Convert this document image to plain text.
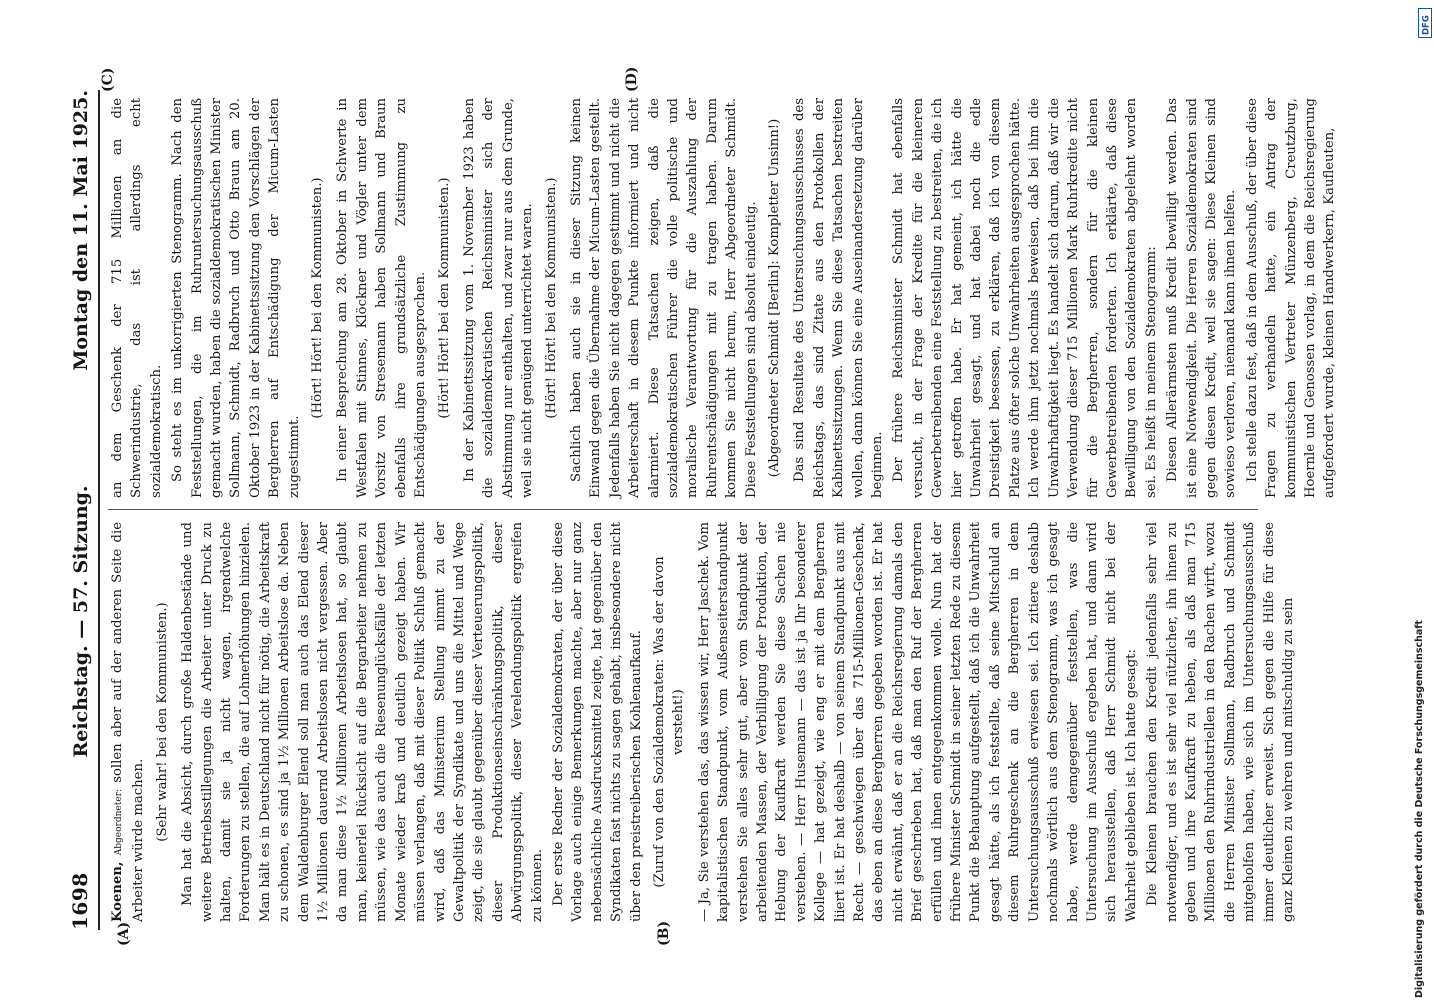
1698
Reichstag. — 57. Sitzung.
Montag den 11. Mai 1925.
(A)	(B)
(C)	(D)

Koenen, Abgeordneter: sollen aber auf der anderen Seite die Arbeiter würde machen. (Sehr wahr! bei den Kommunisten.) Man hat die Absicht, durch große Haldenbestände und weitere Betriebsstillegungen die Arbeiter unter Druck zu halten, damit sie ja nicht wagen, irgendwelche Forderungen zu stellen, die auf Lohnerhöhungen hinzielen. Man hält es in Deutschland nicht für nötig, die Arbeitskraft zu schonen, es sind ja 1½ Millionen Arbeitslose da. Neben dem Waldenburger Elend soll man auch das Elend dieser 1½ Millionen dauernd Arbeitslosen nicht vergessen. Aber da man diese 1½ Millionen Arbeitslosen hat, so glaubt man, keinerlei Rücksicht auf die Bergarbeiter nehmen zu müssen, wie das auch die Riesenunglücksfälle der letzten Monate wieder kraß und deutlich gezeigt haben. Wir müssen verlangen, daß mit dieser Politik Schluß gemacht wird, daß das Ministerium Stellung nimmt zu der Gewaltpolitik der Syndikate und uns die Mittel und Wege zeigt, die sie glaubt gegenüber dieser Verteuerungspolitik, dieser Produktionseinschränkungspolitik, dieser Abwürgungspolitik, dieser Verelendungspolitik ergreifen zu können. Der erste Redner der Sozialdemokraten, der über diese Vorlage auch einige Bemerkungen machte, aber nur ganz nebensächliche Ausdrucksmittel zeigte, hat gegenüber den Syndikaten fast nichts zu sagen gehabt, insbesondere nicht über den preistreiberischen Kohlenaufkauf. (Zuruf von den Sozialdemokraten: Was der davon versteht!) — Ja, Sie verstehen das, das wissen wir, Herr Jaschek. Vom kapitalistischen Standpunkt, vom Außenseiterstandpunkt verstehen Sie alles sehr gut, aber vom Standpunkt der arbeitenden Massen, der Verbilligung der Produktion, der Hebung der Kaufkraft werden Sie diese Sachen nie verstehen. — Herr Husemann — das ist ja Ihr besonderer Kollege — hat gezeigt, wie eng er mit dem Bergherren liiert ist. Er hat deshalb — von seinem Standpunkt aus mit Recht — geschwiegen über das 715-Millionen-Geschenk, das eben an diese Bergherren gegeben worden ist. Er hat nicht erwähnt, daß er an die Reichsregierung damals den Brief geschrieben hat, daß man den Ruf der Bergherren erfüllen und ihnen entgegenkommen wolle. Nun hat der frühere Minister Schmidt in seiner letzten Rede zu diesem Punkt die Behauptung aufgestellt, daß ich die Unwahrheit gesagt hätte, als ich feststellte, daß seine Mitschuld an diesem Ruhrgeschenk an die Bergherren in dem Untersuchungsausschuß erwiesen sei. Ich zitiere deshalb nochmals wörtlich aus dem Stenogramm, was ich gesagt habe, werde demgegenüber feststellen, was die Untersuchung im Ausschuß ergeben hat, und dann wird sich herausstellen, daß Herr Schmidt nicht bei der Wahrheit geblieben ist. Ich hatte gesagt: Die Kleinen brauchen den Kredit jedenfalls sehr viel notwendiger, und es ist sehr viel nützlicher, ihn ihnen zu geben und ihre Kaufkraft zu heben, als daß man 715 Millionen den Ruhrindustriellen in den Rachen wirft, wozu die Herren Minister Sollmann, Radbruch und Schmidt mitgeholfen haben, wie sich im Untersuchungsausschuß immer deutlicher erweist. Sich gegen die Hilfe für diese ganz Kleinen zu wehren und mitschuldig zu sein

an dem Geschenk der 715 Millionen an die Schwerindustrie, das ist allerdings echt sozialdemokratisch. So steht es im unkorrigierten Stenogramm. Nach den Feststellungen, die im Ruhruntersuchungsausschuß gemacht wurden, haben die sozialdemokratischen Minister Sollmann, Schmidt, Radbruch und Otto Braun am 20. Oktober 1923 in der Kabinettssitzung den Vorschlägen der Bergherren auf Entschädigung der Micum-Lasten zugestimmt.

(Hört! Hört! bei den Kommunisten.) In einer Besprechung am 28. Oktober in Schwerte in Westfalen mit Stinnes, Klöckner und Vögler unter dem Vorsitz von Stresemann haben Sollmann und Braun ebenfalls ihre grundsätzliche Zustimmung zu Entschädigungen ausgesprochen. (Hört! Hört! bei den Kommunisten.) In der Kabinettssitzung vom 1. November 1923 haben die sozialdemokratischen Reichsminister sich der Abstimmung nur enthalten, und zwar nur aus dem Grunde, weil sie nicht genügend unterrichtet waren. (Hört! Hört! bei den Kommunisten.) Sachlich haben auch sie in dieser Sitzung keinen Einwand gegen die Übernahme der Micum-Lasten gestellt. Jedenfalls haben Sie nicht dagegen gestimmt und nicht die Arbeiterschaft in diesem Punkte informiert und nicht alarmiert. Diese Tatsachen zeigen, daß die sozialdemokratischen Führer die volle politische und moralische Verantwortung für die Auszahlung der Ruhrentschädigungen mit zu tragen haben. Darum kommen Sie nicht herum, Herr Abgeordneter Schmidt. Diese Feststellungen sind absolut eindeutig. (Abgeordneter Schmidt [Berlin]: Kompletter Unsinn!) Das sind Resultate des Untersuchungsausschusses des Reichstags, das sind Zitate aus den Protokollen der Kabinettssitzungen. Wenn Sie diese Tatsachen bestreiten wollen, dann können Sie eine Auseinandersetzung darüber beginnen. Der frühere Reichsminister Schmidt hat ebenfalls versucht, in der Frage der Kredite für die kleineren Gewerbetreibenden eine Feststellung zu bestreiten, die ich hier getroffen habe. Er hat gemeint, ich hätte die Unwahrheit gesagt, und hat dabei noch die edle Dreistigkeit besessen, zu erklären, daß ich von diesem Platze aus öfter solche Unwahrheiten ausgesprochen hätte. Ich werde ihm jetzt nochmals beweisen, daß bei ihm die Unwahrhaftigkeit liegt. Es handelt sich darum, daß wir die Verwendung dieser 715 Millionen Mark Ruhrkredite nicht für die Bergherren, sondern für die kleinen Gewerbetreibenden forderten. Ich erklärte, daß diese Bewilligung von den Sozialdemokraten abgelehnt worden sei. Es heißt in meinem Stenogramm: Diesen Allerärmsten muß Kredit bewilligt werden. Das ist eine Notwendigkeit. Die Herren Sozialdemokraten sind gegen diesen Kredit, weil sie sagen: Diese Kleinen sind sowieso verloren, niemand kann ihnen helfen. Ich stelle dazu fest, daß in dem Ausschuß, der über diese Fragen zu verhandeln hatte, ein Antrag der kommunistischen Vertreter Münzenberg, Creutzburg, Hoernle und Genossen vorlag, in dem die Reichsregierung aufgefordert wurde, kleinen Handwerkern, Kaufleuten,

Digitalisierung gefördert durch die Deutsche Forschungsgemeinschaft
DFG
